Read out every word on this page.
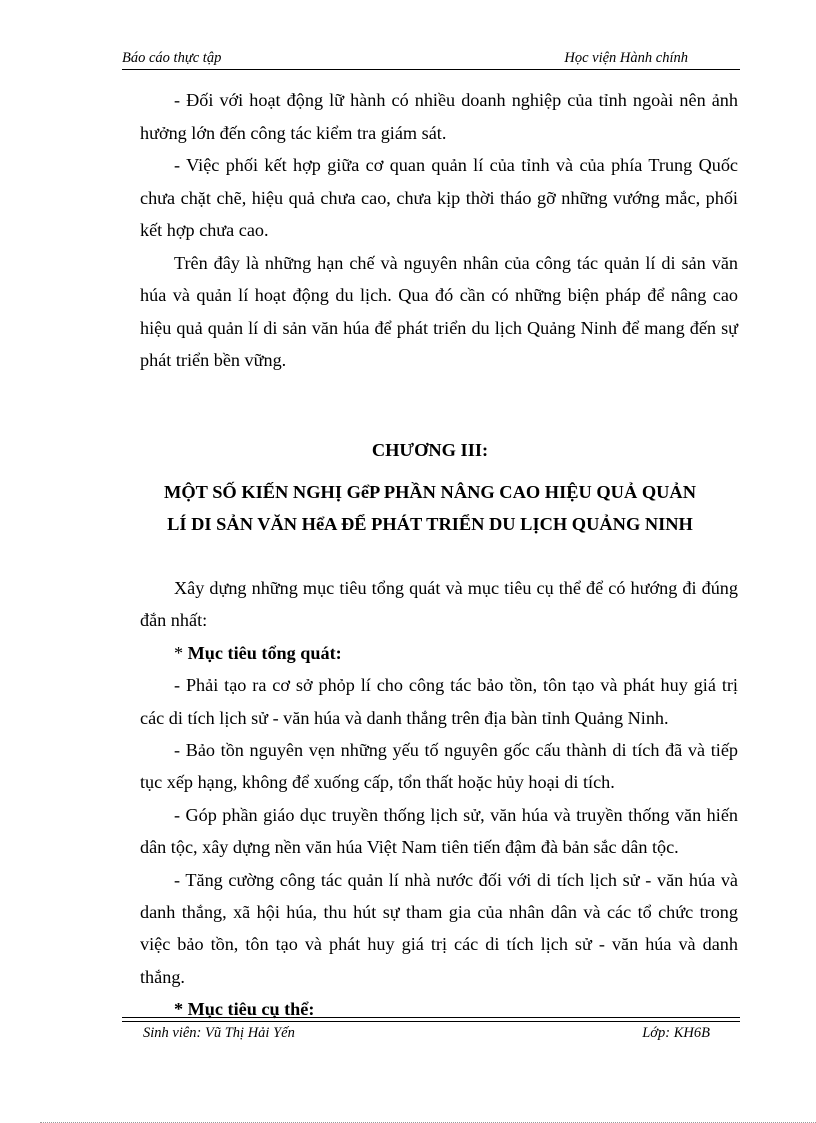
Báo cáo thực tập	Học viện Hành chính

- Đối với hoạt động lữ hành có nhiều doanh nghiệp của tỉnh ngoài nên ảnh hưởng lớn đến công tác kiểm tra giám sát.

- Việc phối kết hợp giữa cơ quan quản lí của tỉnh và của phía Trung Quốc chưa chặt chẽ, hiệu quả chưa cao, chưa kịp thời tháo gỡ những vướng mắc, phối kết hợp chưa cao.

Trên đây là những hạn chế và nguyên nhân của công tác quản lí di sản văn húa và quản lí hoạt động du lịch. Qua đó cần có những biện pháp để nâng cao hiệu quả quản lí di sản văn húa để phát triển du lịch Quảng Ninh để mang đến sự phát triển bền vững.

CHƯƠNG III:
MỘT SỐ KIẾN NGHỊ GểP PHẦN NÂNG CAO HIỆU QUẢ QUẢN
LÍ DI SẢN VĂN HểA ĐỂ PHÁT TRIỂN DU LỊCH QUẢNG NINH

Xây dựng những mục tiêu tổng quát và mục tiêu cụ thể để có hướng đi đúng đắn nhất:

* Mục tiêu tổng quát:

- Phải tạo ra cơ sở phỏp lí cho công tác bảo tồn, tôn tạo và phát huy giá trị các di tích lịch sử - văn húa và danh thắng trên địa bàn tỉnh Quảng Ninh.

- Bảo tồn nguyên vẹn những yếu tố nguyên gốc cấu thành di tích đã và tiếp tục xếp hạng, không để xuống cấp, tổn thất hoặc hủy hoại di tích.

- Góp phần giáo dục truyền thống lịch sử, văn húa và truyền thống văn hiến dân tộc, xây dựng nền văn húa Việt Nam tiên tiến đậm đà bản sắc dân tộc.

- Tăng cường công tác quản lí nhà nước đối với di tích lịch sử - văn húa và danh thắng, xã hội húa, thu hút sự tham gia của nhân dân và các tổ chức trong việc bảo tồn, tôn tạo và phát huy giá trị các di tích lịch sử - văn húa và danh thắng.

* Mục tiêu cụ thể:

Sinh viên: Vũ Thị Hải Yến	Lớp: KH6B
